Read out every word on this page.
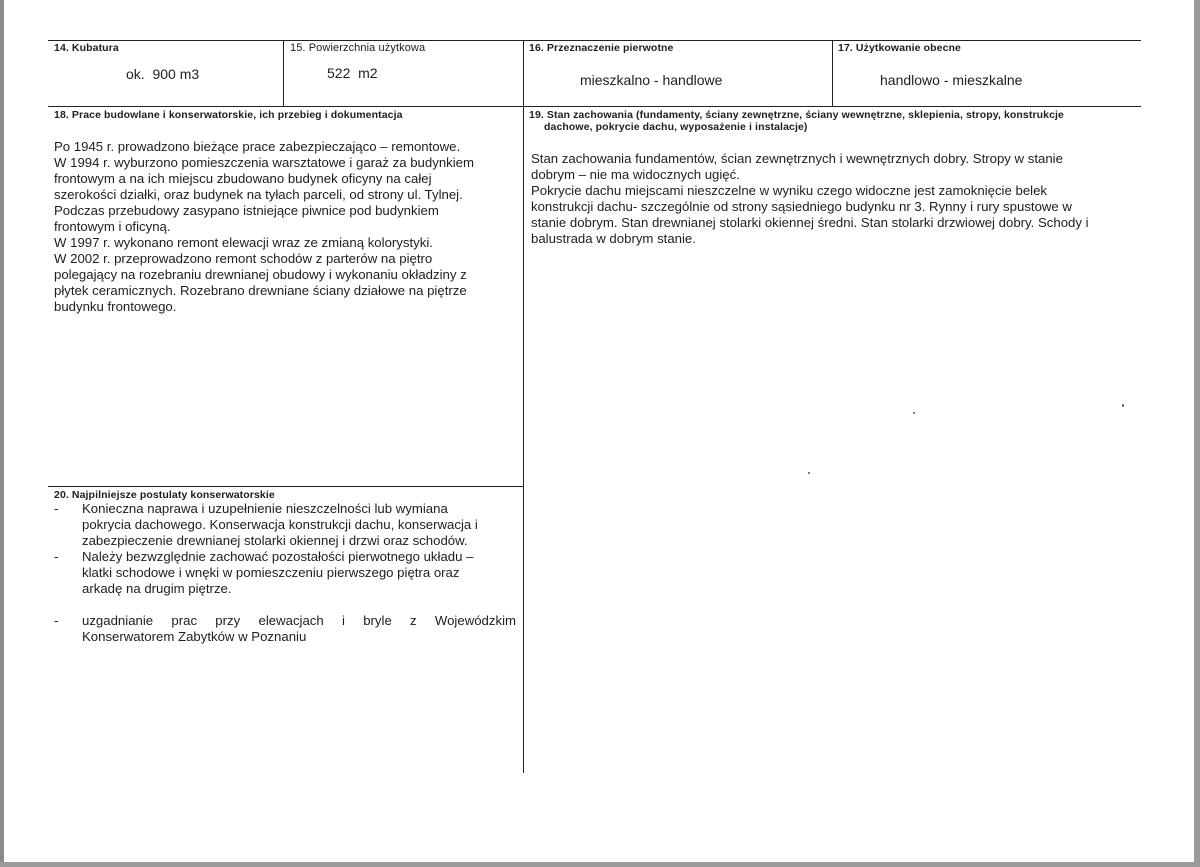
14. Kubatura
ok.  900 m3
15. Powierzchnia użytkowa
522  m2
16. Przeznaczenie pierwotne
mieszkalno - handlowe
17. Użytkowanie obecne
handlowo - mieszkalne
18. Prace budowlane i konserwatorskie, ich przebieg i dokumentacja
Po 1945 r. prowadzono bieżące prace zabezpieczająco – remontowe.
W 1994 r. wyburzono pomieszczenia warsztatowe i garaż za budynkiem
frontowym a na ich miejscu zbudowano budynek oficyny na całej
szerokości działki, oraz budynek na tyłach parceli, od strony ul. Tylnej.
Podczas przebudowy zasypano istniejące piwnice pod budynkiem
frontowym i oficyną.
W 1997 r. wykonano remont elewacji wraz ze zmianą kolorystyki.
W 2002 r. przeprowadzono remont schodów z parterów na piętro
polegający na rozebraniu drewnianej obudowy i wykonaniu okładziny z
płytek ceramicznych. Rozebrano drewniane ściany działowe na piętrze
budynku frontowego.
19. Stan zachowania (fundamenty, ściany zewnętrzne, ściany wewnętrzne, sklepienia, stropy, konstrukcje
dachowe, pokrycie dachu, wyposażenie i instalacje)
Stan zachowania fundamentów, ścian zewnętrznych i wewnętrznych dobry. Stropy w stanie
dobrym – nie ma widocznych ugięć.
Pokrycie dachu miejscami nieszczelne w wyniku czego widoczne jest zamoknięcie belek
konstrukcji dachu- szczególnie od strony sąsiedniego budynku nr 3. Rynny i rury spustowe w
stanie dobrym. Stan drewnianej stolarki okiennej średni. Stan stolarki drzwiowej dobry. Schody i
balustrada w dobrym stanie.
20. Najpilniejsze postulaty konserwatorskie
- Konieczna naprawa i uzupełnienie nieszczelności lub wymiana
pokrycia dachowego. Konserwacja konstrukcji dachu, konserwacja i
zabezpieczenie drewnianej stolarki okiennej i drzwi oraz schodów.
- Należy bezwzględnie zachować pozostałości pierwotnego układu –
klatki schodowe i wnęki w pomieszczeniu pierwszego piętra oraz
arkadę na drugim piętrze.
- uzgadnianie prac przy elewacjach i bryle z Wojewódzkim
Konserwatorem Zabytków w Poznaniu
